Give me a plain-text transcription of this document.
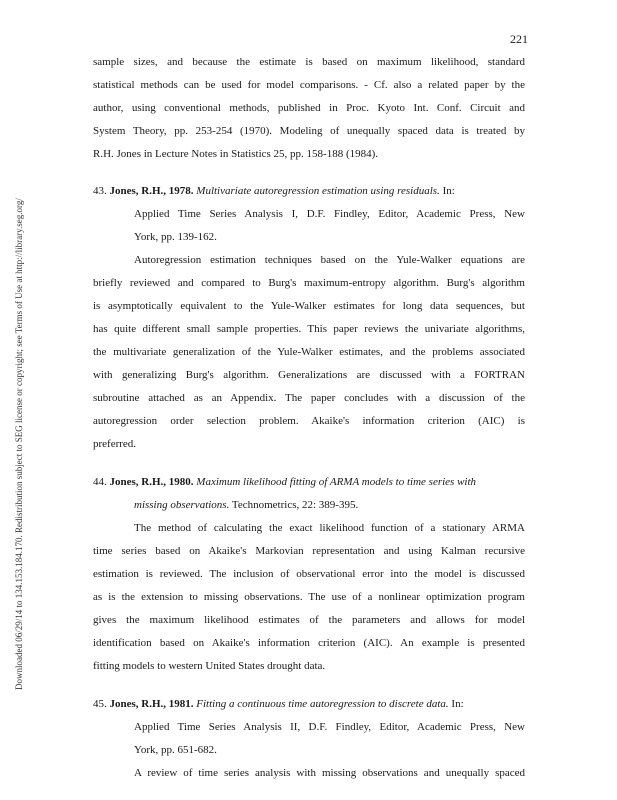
221
Downloaded 06/29/14 to 134.153.184.170. Redistribution subject to SEG license or copyright; see Terms of Use at http://library.seg.org/
sample sizes, and because the estimate is based on maximum likelihood, standard
statistical methods can be used for model comparisons. - Cf. also a related paper by the
author, using conventional methods, published in Proc. Kyoto Int. Conf. Circuit and
System Theory, pp. 253-254 (1970). Modeling of unequally spaced data is treated by
R.H. Jones in Lecture Notes in Statistics 25, pp. 158-188 (1984).
43. Jones, R.H., 1978. Multivariate autoregression estimation using residuals. In:
Applied Time Series Analysis I, D.F. Findley, Editor, Academic Press, New
York, pp. 139-162.
Autoregression estimation techniques based on the Yule-Walker equations are
briefly reviewed and compared to Burg's maximum-entropy algorithm. Burg's algorithm
is asymptotically equivalent to the Yule-Walker estimates for long data sequences, but
has quite different small sample properties. This paper reviews the univariate algorithms,
the multivariate generalization of the Yule-Walker estimates, and the problems associated
with generalizing Burg's algorithm. Generalizations are discussed with a FORTRAN
subroutine attached as an Appendix. The paper concludes with a discussion of the
autoregression order selection problem. Akaike's information criterion (AIC) is
preferred.
44. Jones, R.H., 1980. Maximum likelihood fitting of ARMA models to time series with
missing observations. Technometrics, 22: 389-395.
The method of calculating the exact likelihood function of a stationary ARMA
time series based on Akaike's Markovian representation and using Kalman recursive
estimation is reviewed. The inclusion of observational error into the model is discussed
as is the extension to missing observations. The use of a nonlinear optimization program
gives the maximum likelihood estimates of the parameters and allows for model
identification based on Akaike's information criterion (AIC). An example is presented
fitting models to western United States drought data.
45. Jones, R.H., 1981. Fitting a continuous time autoregression to discrete data. In:
Applied Time Series Analysis II, D.F. Findley, Editor, Academic Press, New
York, pp. 651-682.
A review of time series analysis with missing observations and unequally spaced
